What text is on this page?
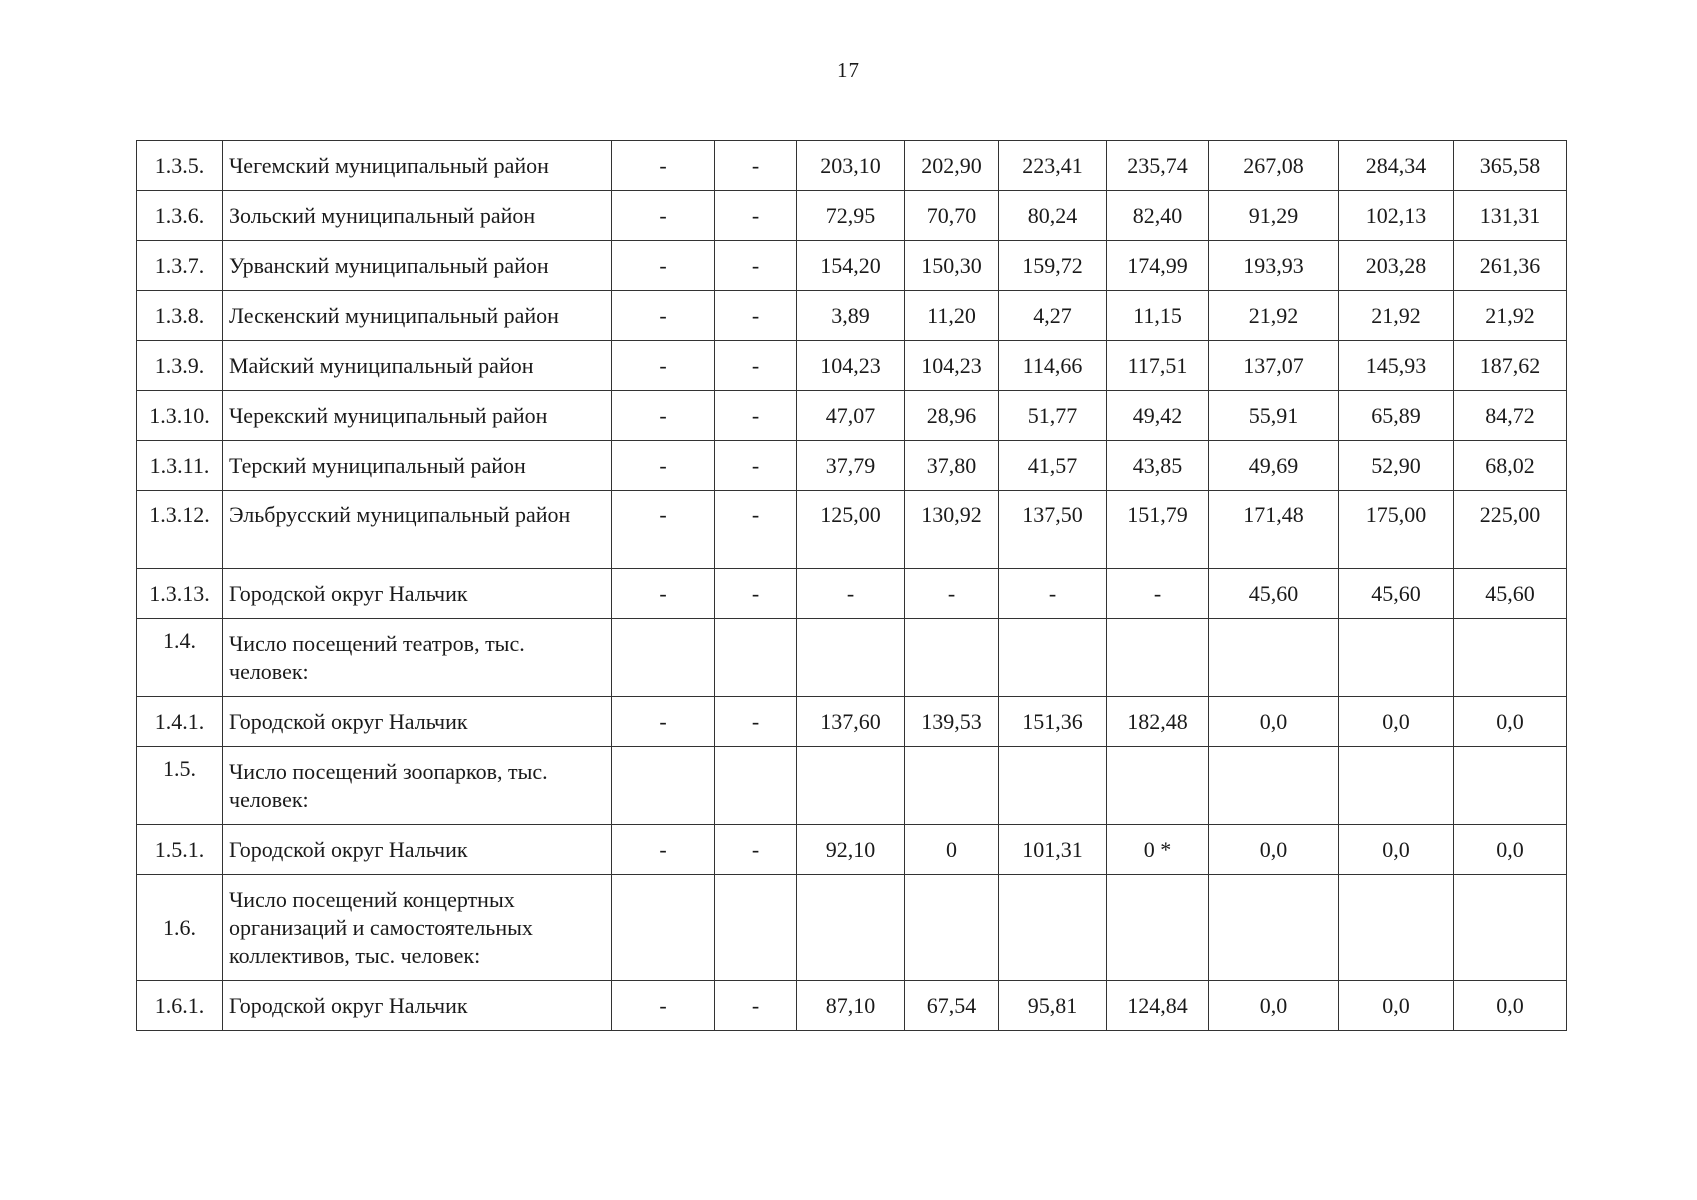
17
1.3.5.	Чегемский муниципальный район	-	-	203,10	202,90	223,41	235,74	267,08	284,34	365,58
1.3.6.	Зольский муниципальный район	-	-	72,95	70,70	80,24	82,40	91,29	102,13	131,31
1.3.7.	Урванский муниципальный район	-	-	154,20	150,30	159,72	174,99	193,93	203,28	261,36
1.3.8.	Лескенский муниципальный район	-	-	3,89	11,20	4,27	11,15	21,92	21,92	21,92
1.3.9.	Майский муниципальный район	-	-	104,23	104,23	114,66	117,51	137,07	145,93	187,62
1.3.10.	Черекский муниципальный район	-	-	47,07	28,96	51,77	49,42	55,91	65,89	84,72
1.3.11.	Терский муниципальный район	-	-	37,79	37,80	41,57	43,85	49,69	52,90	68,02
1.3.12.	Эльбрусский муниципальный район	-	-	125,00	130,92	137,50	151,79	171,48	175,00	225,00
1.3.13.	Городской округ Нальчик	-	-	-	-	-	-	45,60	45,60	45,60
1.4.	Число посещений театров, тыс. человек:									
1.4.1.	Городской округ Нальчик	-	-	137,60	139,53	151,36	182,48	0,0	0,0	0,0
1.5.	Число посещений зоопарков, тыс. человек:									
1.5.1.	Городской округ Нальчик	-	-	92,10	0	101,31	0 *	0,0	0,0	0,0
1.6.	Число посещений концертных организаций и самостоятельных коллективов, тыс. человек:									
1.6.1.	Городской округ Нальчик	-	-	87,10	67,54	95,81	124,84	0,0	0,0	0,0
